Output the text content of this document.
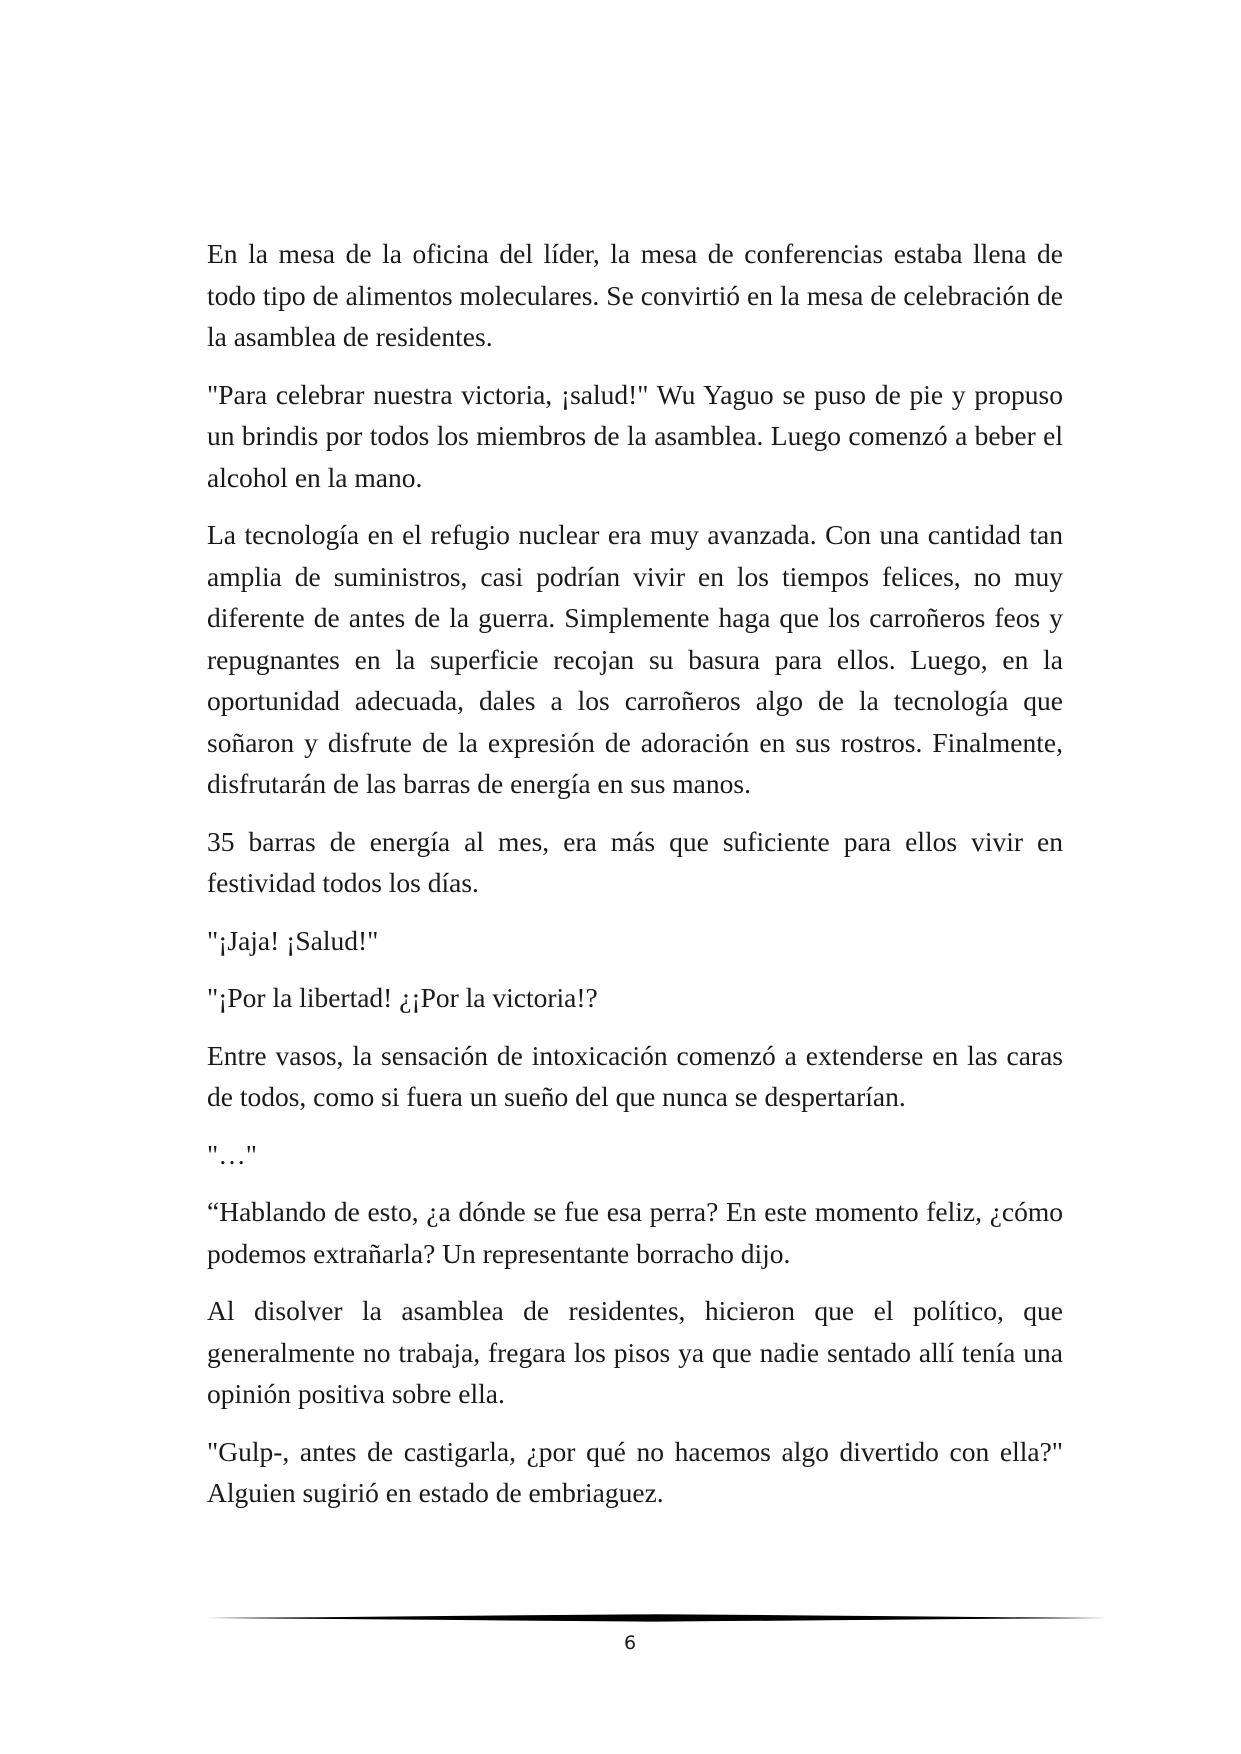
En la mesa de la oficina del líder, la mesa de conferencias estaba llena de todo tipo de alimentos moleculares. Se convirtió en la mesa de celebración de la asamblea de residentes.

"Para celebrar nuestra victoria, ¡salud!" Wu Yaguo se puso de pie y propuso un brindis por todos los miembros de la asamblea. Luego comenzó a beber el alcohol en la mano.

La tecnología en el refugio nuclear era muy avanzada. Con una cantidad tan amplia de suministros, casi podrían vivir en los tiempos felices, no muy diferente de antes de la guerra. Simplemente haga que los carroñeros feos y repugnantes en la superficie recojan su basura para ellos. Luego, en la oportunidad adecuada, dales a los carroñeros algo de la tecnología que soñaron y disfrute de la expresión de adoración en sus rostros. Finalmente, disfrutarán de las barras de energía en sus manos.

35 barras de energía al mes, era más que suficiente para ellos vivir en festividad todos los días.

"¡Jaja! ¡Salud!"

"¡Por la libertad! ¿¡Por la victoria!?

Entre vasos, la sensación de intoxicación comenzó a extenderse en las caras de todos, como si fuera un sueño del que nunca se despertarían.

"…"

“Hablando de esto, ¿a dónde se fue esa perra? En este momento feliz, ¿cómo podemos extrañarla? Un representante borracho dijo.

Al disolver la asamblea de residentes, hicieron que el político, que generalmente no trabaja, fregara los pisos ya que nadie sentado allí tenía una opinión positiva sobre ella.

"Gulp-, antes de castigarla, ¿por qué no hacemos algo divertido con ella?" Alguien sugirió en estado de embriaguez.

6
